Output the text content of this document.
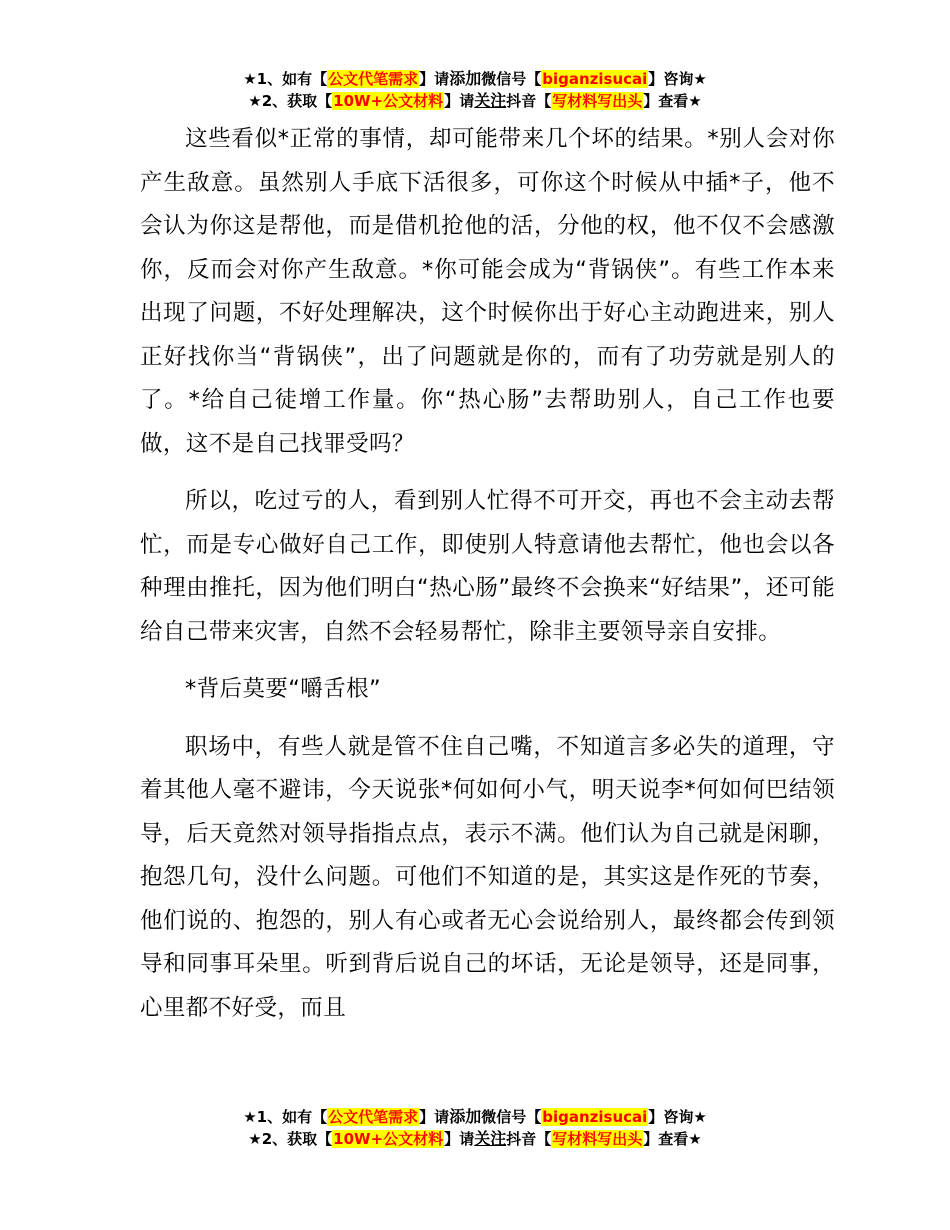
★1、如有【公文代笔需求】请添加微信号【biganzisucai】咨询★
★2、获取【10W+公文材料】请关注抖音【写材料写出头】查看★

这些看似*正常的事情，却可能带来几个坏的结果。*别人会对你产生敌意。虽然别人手底下活很多，可你这个时候从中插*子，他不会认为你这是帮他，而是借机抢他的活，分他的权，他不仅不会感激你，反而会对你产生敌意。*你可能会成为“背锅侠”。有些工作本来出现了问题，不好处理解决，这个时候你出于好心主动跑进来，别人正好找你当“背锅侠”，出了问题就是你的，而有了功劳就是别人的了。*给自己徒增工作量。你“热心肠”去帮助别人，自己工作也要做，这不是自己找罪受吗？

所以，吃过亏的人，看到别人忙得不可开交，再也不会主动去帮忙，而是专心做好自己工作，即使别人特意请他去帮忙，他也会以各种理由推托，因为他们明白“热心肠”最终不会换来“好结果”，还可能给自己带来灾害，自然不会轻易帮忙，除非主要领导亲自安排。

*背后莫要“嚼舌根”

职场中，有些人就是管不住自己嘴，不知道言多必失的道理，守着其他人毫不避讳，今天说张*何如何小气，明天说李*何如何巴结领导，后天竟然对领导指指点点，表示不满。他们认为自己就是闲聊，抱怨几句，没什么问题。可他们不知道的是，其实这是作死的节奏，他们说的、抱怨的，别人有心或者无心会说给别人，最终都会传到领导和同事耳朵里。听到背后说自己的坏话，无论是领导，还是同事，心里都不好受，而且

★1、如有【公文代笔需求】请添加微信号【biganzisucai】咨询★
★2、获取【10W+公文材料】请关注抖音【写材料写出头】查看★
